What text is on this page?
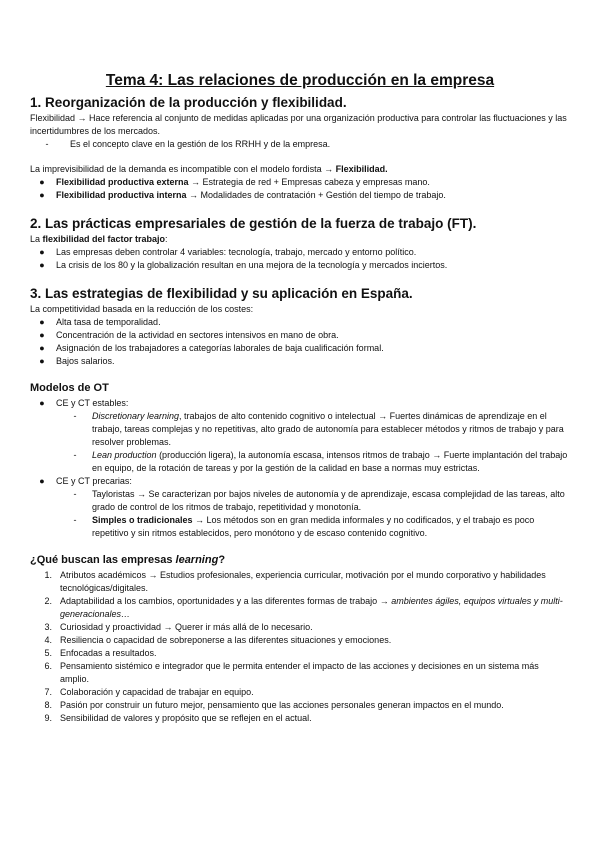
Tema 4: Las relaciones de producción en la empresa
1. Reorganización de la producción y flexibilidad.

Flexibilidad → Hace referencia al conjunto de medidas aplicadas por una organización productiva para controlar las fluctuaciones y las incertidumbres de los mercados.

-	Es el concepto clave en la gestión de los RRHH y de la empresa.

La imprevisibilidad de la demanda es incompatible con el modelo fordista → Flexibilidad.

●	Flexibilidad productiva externa → Estrategia de red + Empresas cabeza y empresas mano.
●	Flexibilidad productiva interna → Modalidades de contratación + Gestión del tiempo de trabajo.
2. Las prácticas empresariales de gestión de la fuerza de trabajo (FT).

La flexibilidad del factor trabajo:

●	Las empresas deben controlar 4 variables: tecnología, trabajo, mercado y entorno político.
●	La crisis de los 80 y la globalización resultan en una mejora de la tecnología y mercados inciertos.
3. Las estrategias de flexibilidad y su aplicación en España.

La competitividad basada en la reducción de los costes:

●	Alta tasa de temporalidad.
●	Concentración de la actividad en sectores intensivos en mano de obra.
●	Asignación de los trabajadores a categorías laborales de baja cualificación formal.
●	Bajos salarios.
Modelos de OT
●	CE y CT estables:
-	Discretionary learning, trabajos de alto contenido cognitivo o intelectual → Fuertes dinámicas de aprendizaje en el trabajo, tareas complejas y no repetitivas, alto grado de autonomía para establecer métodos y ritmos de trabajo y para resolver problemas.
-	Lean production (producción ligera), la autonomía escasa, intensos ritmos de trabajo → Fuerte implantación del trabajo en equipo, de la rotación de tareas y por la gestión de la calidad en base a normas muy estrictas.
●	CE y CT precarias:
-	Tayloristas → Se caracterizan por bajos niveles de autonomía y de aprendizaje, escasa complejidad de las tareas, alto grado de control de los ritmos de trabajo, repetitividad y monotonía.
-	Simples o tradicionales → Los métodos son en gran medida informales y no codificados, y el trabajo es poco repetitivo y sin ritmos establecidos, pero monótono y de escaso contenido cognitivo.
¿Qué buscan las empresas learning?
1. Atributos académicos → Estudios profesionales, experiencia curricular, motivación por el mundo corporativo y habilidades tecnológicas/digitales.
2. Adaptabilidad a los cambios, oportunidades y a las diferentes formas de trabajo → ambientes ágiles, equipos virtuales y multi-generacionales…
3. Curiosidad y proactividad → Querer ir más allá de lo necesario.
4. Resiliencia o capacidad de sobreponerse a las diferentes situaciones y emociones.
5. Enfocadas a resultados.
6. Pensamiento sistémico e integrador que le permita entender el impacto de las acciones y decisiones en un sistema más amplio.
7. Colaboración y capacidad de trabajar en equipo.
8. Pasión por construir un futuro mejor, pensamiento que las acciones personales generan impactos en el mundo.
9. Sensibilidad de valores y propósito que se reflejen en el actual.
